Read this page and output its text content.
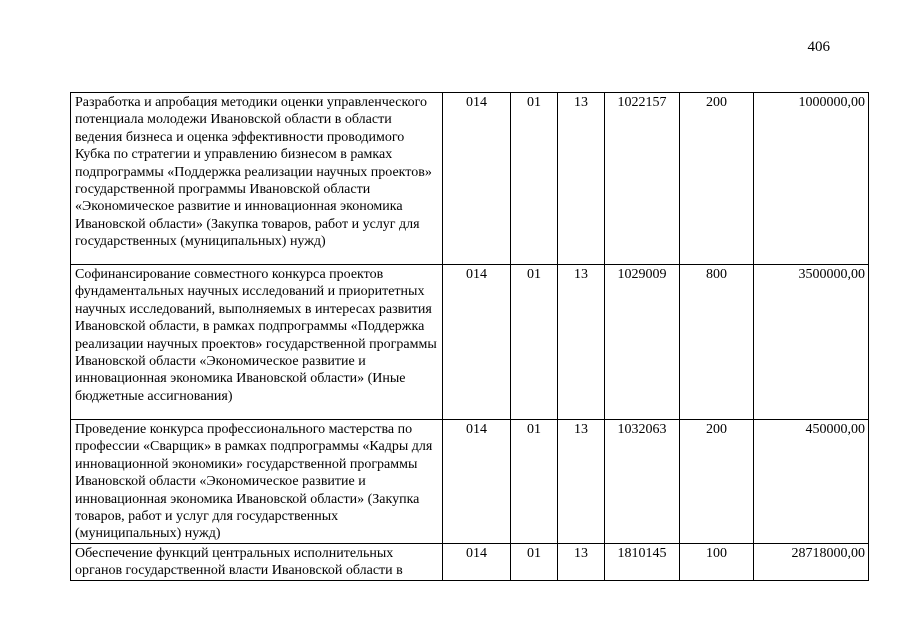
406
Разработка и апробация методики оценки управленческого потенциала молодежи Ивановской области в области ведения бизнеса и оценка эффективности проводимого Кубка по стратегии и управлению бизнесом в рамках подпрограммы «Поддержка реализации научных проектов» государственной программы Ивановской области «Экономическое развитие и инновационная экономика Ивановской области» (Закупка товаров, работ и услуг для государственных (муниципальных) нужд)	014	01	13	1022157	200	1000000,00
Софинансирование совместного конкурса проектов фундаментальных научных исследований и приоритетных научных исследований, выполняемых в интересах развития Ивановской области, в рамках подпрограммы «Поддержка реализации научных проектов» государственной программы Ивановской области «Экономическое развитие и инновационная экономика Ивановской области» (Иные бюджетные ассигнования)	014	01	13	1029009	800	3500000,00
Проведение конкурса профессионального мастерства по профессии «Сварщик» в рамках подпрограммы «Кадры для инновационной экономики» государственной программы Ивановской области «Экономическое развитие и инновационная экономика Ивановской области» (Закупка товаров, работ и услуг для государственных (муниципальных) нужд)	014	01	13	1032063	200	450000,00
Обеспечение функций центральных исполнительных органов государственной власти Ивановской области в	014	01	13	1810145	100	28718000,00
